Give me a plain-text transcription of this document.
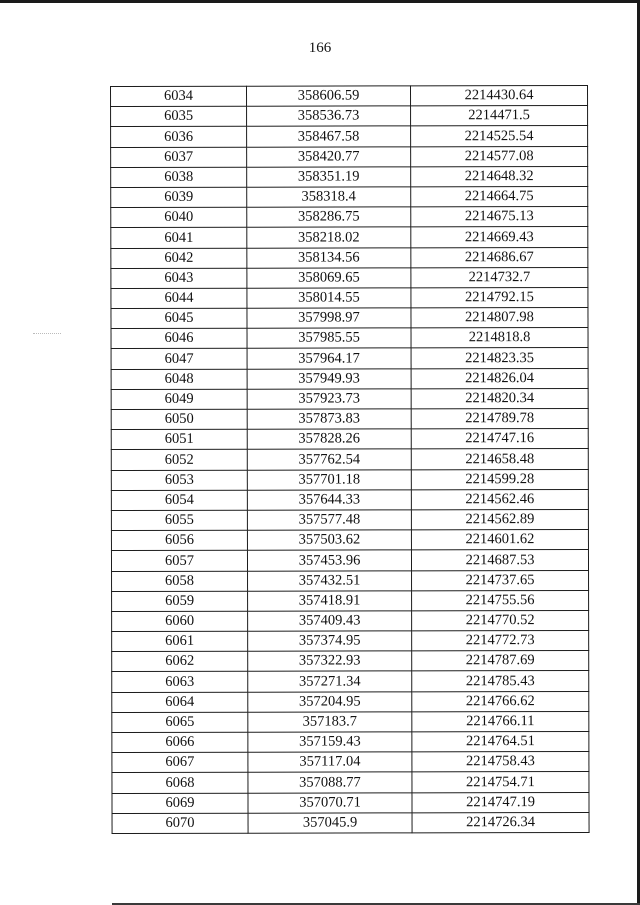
166
6034	358606.59	2214430.64
6035	358536.73	2214471.5
6036	358467.58	2214525.54
6037	358420.77	2214577.08
6038	358351.19	2214648.32
6039	358318.4	2214664.75
6040	358286.75	2214675.13
6041	358218.02	2214669.43
6042	358134.56	2214686.67
6043	358069.65	2214732.7
6044	358014.55	2214792.15
6045	357998.97	2214807.98
6046	357985.55	2214818.8
6047	357964.17	2214823.35
6048	357949.93	2214826.04
6049	357923.73	2214820.34
6050	357873.83	2214789.78
6051	357828.26	2214747.16
6052	357762.54	2214658.48
6053	357701.18	2214599.28
6054	357644.33	2214562.46
6055	357577.48	2214562.89
6056	357503.62	2214601.62
6057	357453.96	2214687.53
6058	357432.51	2214737.65
6059	357418.91	2214755.56
6060	357409.43	2214770.52
6061	357374.95	2214772.73
6062	357322.93	2214787.69
6063	357271.34	2214785.43
6064	357204.95	2214766.62
6065	357183.7	2214766.11
6066	357159.43	2214764.51
6067	357117.04	2214758.43
6068	357088.77	2214754.71
6069	357070.71	2214747.19
6070	357045.9	2214726.34
